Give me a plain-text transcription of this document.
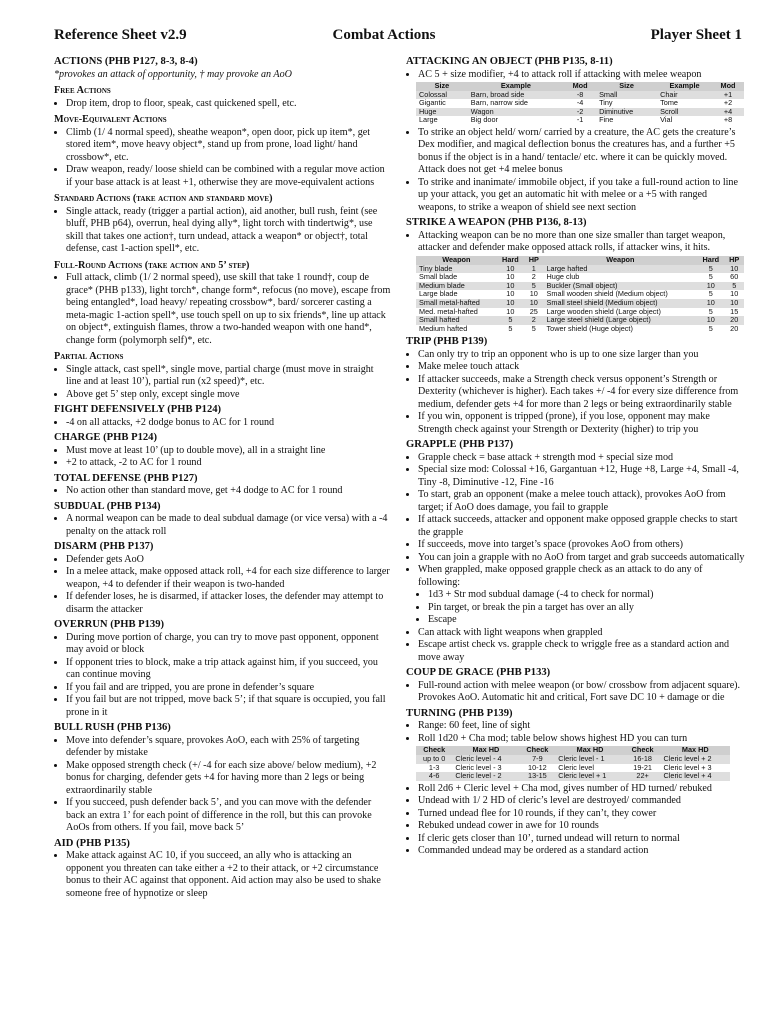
Reference Sheet v2.9	Combat Actions	Player Sheet 1
ACTIONS (PHB P127, 8-3, 8-4)
*provokes an attack of opportunity, † may provoke an AoO
Free Actions
• Drop item, drop to floor, speak, cast quickened spell, etc.
Move-Equivalent Actions
• Climb (1/ 4 normal speed), sheathe weapon*, open door, pick up item*, get stored item*, move heavy object*, stand up from prone, load light/ hand crossbow*, etc.
• Draw weapon, ready/ loose shield can be combined with a regular move action if your base attack is at least +1, otherwise they are move-equivalent actions
Standard Actions (take action and standard move)
• Single attack, ready (trigger a partial action), aid another, bull rush, feint (see bluff, PHB p64), overrun, heal dying ally*, light torch with tindertwig*, use skill that takes one action†, turn undead, attack a weapon* or object†, total defense, cast 1-action spell*, etc.
Full-Round Actions (take action and 5’ step)
• Full attack, climb (1/ 2 normal speed), use skill that take 1 round†, coup de grace* (PHB p133), light torch*, change form*, refocus (no move), escape from being entangled*, load heavy/ repeating crossbow*, bard/ sorcerer casting a meta-magic 1-action spell*, use touch spell on up to six friends*, line up attack on object*, extinguish flames, throw a two-handed weapon with one hand*, change form (polymorph self)*, etc.
Partial Actions
• Single attack, cast spell*, single move, partial charge (must move in straight line and at least 10’), partial run (x2 speed)*, etc.
• Above get 5’ step only, except single move
FIGHT DEFENSIVELY (PHB P124)
• -4 on all attacks, +2 dodge bonus to AC for 1 round
CHARGE (PHB P124)
• Must move at least 10’ (up to double move), all in a straight line
• +2 to attack, -2 to AC for 1 round
TOTAL DEFENSE (PHB P127)
• No action other than standard move, get +4 dodge to AC for 1 round
SUBDUAL (PHB P134)
• A normal weapon can be made to deal subdual damage (or vice versa) with a -4 penalty on the attack roll
DISARM (PHB P137)
• Defender gets AoO
• In a melee attack, make opposed attack roll, +4 for each size difference to larger weapon, +4 to defender if their weapon is two-handed
• If defender loses, he is disarmed, if attacker loses, the defender may attempt to disarm the attacker
OVERRUN (PHB P139)
• During move portion of charge, you can try to move past opponent, opponent may avoid or block
• If opponent tries to block, make a trip attack against him, if you succeed, you can continue moving
• If you fail and are tripped, you are prone in defender’s square
• If you fail but are not tripped, move back 5’; if that square is occupied, you fall prone in it
BULL RUSH (PHB P136)
• Move into defender’s square, provokes AoO, each with 25% of targeting defender by mistake
• Make opposed strength check (+/ -4 for each size above/ below medium), +2 bonus for charging, defender gets +4 for having more than 2 legs or being extraordinarily stable
• If you succeed, push defender back 5’, and you can move with the defender back an extra 1’ for each point of difference in the roll, but this can provoke AoOs from others. If you fail, move back 5’
AID (PHB P135)
• Make attack against AC 10, if you succeed, an ally who is attacking an opponent you threaten can take either a +2 to their attack, or +2 circumstance bonus to their AC against that opponent. Aid action may also be used to shake someone free of hypnotize or sleep
ATTACKING AN OBJECT (PHB P135, 8-11)
• AC 5 + size modifier, +4 to attack roll if attacking with melee weapon
Size	Example	Mod	Size	Example	Mod
Colossal	Barn, broad side	-8	Small	Chair	+1
Gigantic	Barn, narrow side	-4	Tiny	Tome	+2
Huge	Wagon	-2	Diminutive	Scroll	+4
Large	Big door	-1	Fine	Vial	+8
• To strike an object held/ worn/ carried by a creature, the AC gets the creature’s Dex modifier, and magical deflection bonus the creatures has, and a further +5 bonus if the object is in a hand/ tentacle/ etc. where it can be quickly moved. Attack does not get +4 melee bonus
• To strike and inanimate/ immobile object, if you take a full-round action to line up your attack, you get an automatic hit with melee or a +5 with ranged weapons, to strike a weapon of shield see next section
STRIKE A WEAPON (PHB P136, 8-13)
• Attacking weapon can be no more than one size smaller than target weapon, attacker and defender make opposed attack rolls, if attacker wins, it hits.
Weapon	Hard	HP	Weapon	Hard	HP
Tiny blade	10	1	Large hafted	5	10
Small blade	10	2	Huge club	5	60
Medium blade	10	5	Buckler (Small object)	10	5
Large blade	10	10	Small wooden shield (Medium object)	5	10
Small metal-hafted	10	10	Small steel shield (Medium object)	10	10
Med. metal-hafted	10	25	Large wooden shield (Large object)	5	15
Small hafted	5	2	Large steel shield (Large object)	10	20
Medium hafted	5	5	Tower shield (Huge object)	5	20
TRIP (PHB P139)
• Can only try to trip an opponent who is up to one size larger than you
• Make melee touch attack
• If attacker succeeds, make a Strength check versus opponent’s Strength or Dexterity (whichever is higher). Each takes +/ -4 for every size difference from medium, defender gets +4 for more than 2 legs or being extraordinarily stable
• If you win, opponent is tripped (prone), if you lose, opponent may make Strength check against your Strength or Dexterity (higher) to trip you
GRAPPLE (PHB P137)
• Grapple check = base attack + strength mod + special size mod
• Special size mod: Colossal +16, Gargantuan +12, Huge +8, Large +4, Small -4, Tiny -8, Diminutive -12, Fine -16
• To start, grab an opponent (make a melee touch attack), provokes AoO from target; if AoO does damage, you fail to grapple
• If attack succeeds, attacker and opponent make opposed grapple checks to start the grapple
• If succeeds, move into target’s space (provokes AoO from others)
• You can join a grapple with no AoO from target and grab succeeds automatically
• When grappled, make opposed grapple check as an attack to do any of following:
• 1d3 + Str mod subdual damage (-4 to check for normal)
• Pin target, or break the pin a target has over an ally
• Escape
• Can attack with light weapons when grappled
• Escape artist check vs. grapple check to wriggle free as a standard action and move away
COUP DE GRACE (PHB P133)
• Full-round action with melee weapon (or bow/ crossbow from adjacent square). Provokes AoO. Automatic hit and critical, Fort save DC 10 + damage or die
TURNING (PHB P139)
• Range: 60 feet, line of sight
• Roll 1d20 + Cha mod; table below shows highest HD you can turn
Check	Max HD	Check	Max HD	Check	Max HD
up to 0	Cleric level - 4	7-9	Cleric level - 1	16-18	Cleric level + 2
1-3	Cleric level - 3	10-12	Cleric level	19-21	Cleric level + 3
4-6	Cleric level - 2	13-15	Cleric level + 1	22+	Cleric level + 4
• Roll 2d6 + Cleric level + Cha mod, gives number of HD turned/ rebuked
• Undead with 1/ 2 HD of cleric’s level are destroyed/ commanded
• Turned undead flee for 10 rounds, if they can’t, they cower
• Rebuked undead cower in awe for 10 rounds
• If cleric gets closer than 10’, turned undead will return to normal
• Commanded undead may be ordered as a standard action
